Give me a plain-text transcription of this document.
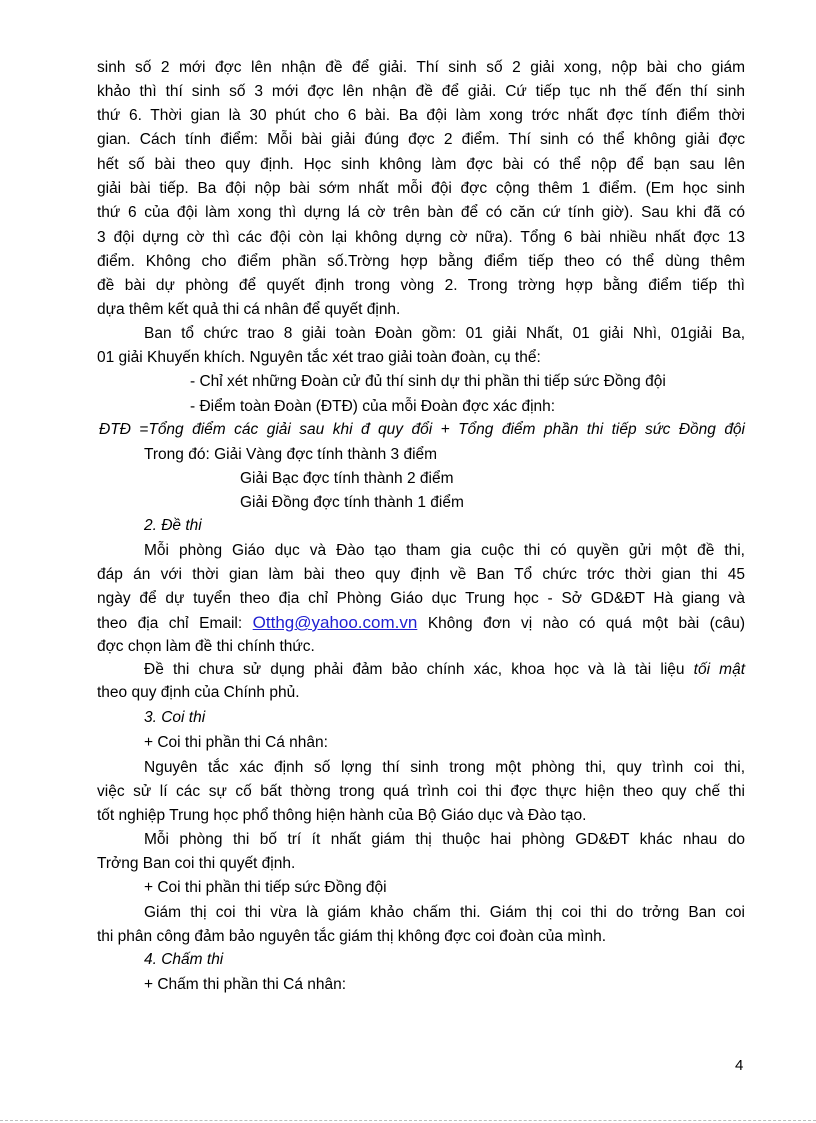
sinh số 2 mới đợc lên nhận đề để giải. Thí sinh số 2 giải xong, nộp bài cho giám
khảo thì thí sinh số 3 mới đợc lên nhận đề để giải. Cứ tiếp tục nh thế đến thí sinh
thứ 6. Thời gian là 30 phút cho 6 bài. Ba đội làm xong trớc nhất đợc tính điểm thời
gian. Cách tính điểm: Mỗi bài giải đúng đợc 2 điểm. Thí sinh có thể không giải đợc
hết số bài theo quy định. Học sinh không làm đợc bài có thể nộp để bạn sau lên
giải bài tiếp. Ba đội nộp bài sớm nhất mỗi đội đợc cộng thêm 1 điểm. (Em học sinh
thứ 6 của đội làm xong thì dựng lá cờ trên bàn để có căn cứ tính giờ). Sau khi đã có
3 đội dựng cờ thì các đội còn lại không dựng cờ nữa). Tổng 6 bài nhiều nhất đợc 13
điểm. Không cho điểm phần số.Trờng hợp bằng điểm tiếp theo có thể dùng thêm
đề bài dự phòng để quyết định trong vòng 2. Trong trờng hợp bằng điểm tiếp thì
dựa thêm kết quả thi cá nhân để quyết định.
Ban tổ chức trao 8 giải toàn Đoàn gồm: 01 giải Nhất, 01 giải Nhì, 01giải Ba,
01 giải Khuyến khích. Nguyên tắc xét trao giải toàn đoàn, cụ thể:
- Chỉ xét những Đoàn cử đủ thí sinh dự thi phần thi tiếp sức Đồng đội
- Điểm toàn Đoàn (ĐTĐ) của mỗi Đoàn đợc xác định:
ĐTĐ =Tổng điểm các giải sau khi đ quy đổi + Tổng điểm phần thi tiếp sức Đồng đội
Trong đó: Giải Vàng đợc tính thành 3 điểm
Giải Bạc đợc tính thành 2 điểm
Giải Đồng đợc tính thành 1 điểm
2. Đề thi
Mỗi phòng Giáo dục và Đào tạo tham gia cuộc thi có quyền gửi một đề thi,
đáp án với thời gian làm bài theo quy định về Ban Tổ chức trớc thời gian thi 45
ngày để dự tuyển theo địa chỉ Phòng Giáo dục Trung học - Sở GD&ĐT Hà giang và
theo địa chỉ Email: Otthg@yahoo.com.vn Không đơn vị nào có quá một bài (câu)
đợc chọn làm đề thi chính thức.
Đề thi chưa sử dụng phải đảm bảo chính xác, khoa học và là tài liệu tối mật
theo quy định của Chính phủ.
3. Coi thi
+ Coi thi phần thi Cá nhân:
Nguyên tắc xác định số lợng thí sinh trong một phòng thi, quy trình coi thi,
việc sử lí các sự cố bất thờng trong quá trình coi thi đợc thực hiện theo quy chế thi
tốt nghiệp Trung học phổ thông hiện hành của Bộ Giáo dục và Đào tạo.
Mỗi phòng thi bố trí ít nhất giám thị thuộc hai phòng GD&ĐT khác nhau do
Trởng Ban coi thi quyết định.
+ Coi thi phần thi tiếp sức Đồng đội
Giám thị coi thi vừa là giám khảo chấm thi. Giám thị coi thi do trởng Ban coi
thi phân công đảm bảo nguyên tắc giám thị không đợc coi đoàn của mình.
4. Chấm thi
+ Chấm thi phần thi Cá nhân:
4
